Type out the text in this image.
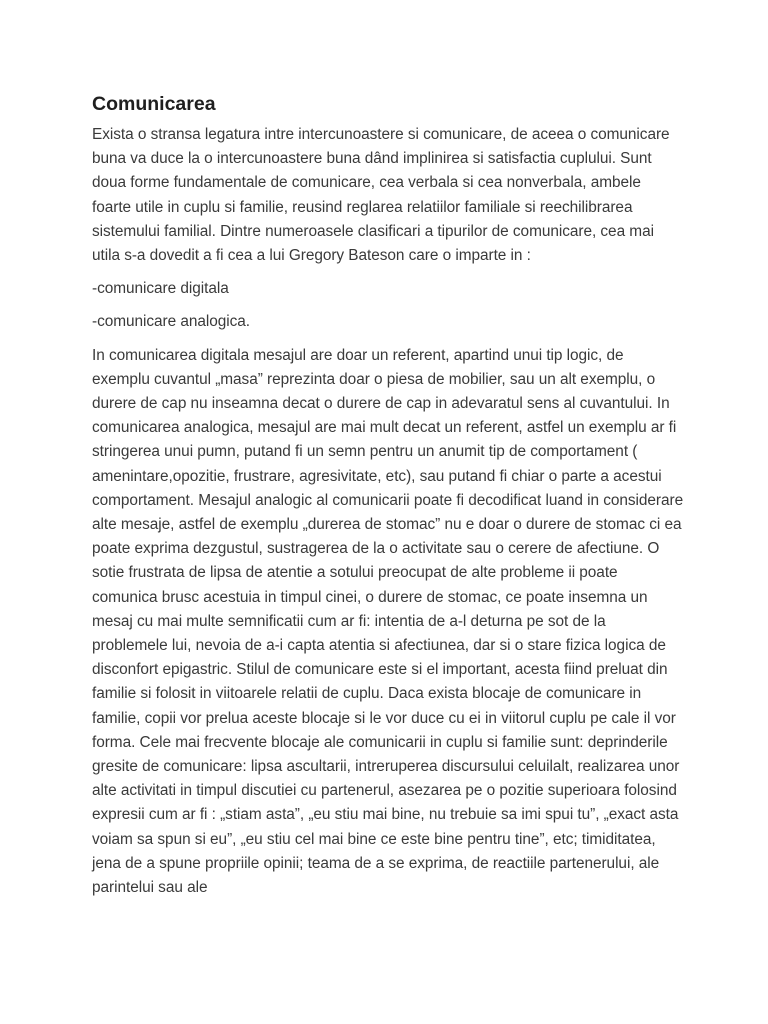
Comunicarea

Exista o stransa legatura intre intercunoastere si comunicare, de aceea o comunicare buna va duce la o intercunoastere buna dând implinirea si satisfactia cuplului. Sunt doua forme fundamentale de comunicare, cea verbala si cea nonverbala, ambele foarte utile in cuplu si familie, reusind reglarea relatiilor familiale si reechilibrarea sistemului familial. Dintre numeroasele clasificari a tipurilor de comunicare, cea mai utila s-a dovedit a fi cea a lui Gregory Bateson care o imparte in :

-comunicare digitala

-comunicare analogica.

In comunicarea digitala mesajul are doar un referent, apartind unui tip logic, de exemplu cuvantul „masa” reprezinta doar o piesa de mobilier, sau un alt exemplu, o durere de cap nu inseamna decat o durere de cap in adevaratul sens al cuvantului. In comunicarea analogica, mesajul are mai mult decat un referent, astfel un exemplu ar fi stringerea unui pumn, putand fi un semn pentru un anumit tip de comportament ( amenintare,opozitie, frustrare, agresivitate, etc), sau putand fi chiar o parte a acestui comportament. Mesajul analogic al comunicarii poate fi decodificat luand in considerare alte mesaje, astfel de exemplu „durerea de stomac” nu e doar o durere de stomac ci ea poate exprima dezgustul, sustragerea de la o activitate sau o cerere de afectiune. O sotie frustrata de lipsa de atentie a sotului preocupat de alte probleme ii poate comunica brusc acestuia in timpul cinei, o durere de stomac, ce poate insemna un mesaj cu mai multe semnificatii cum ar fi: intentia de a-l deturna pe sot de la problemele lui, nevoia de a-i capta atentia si afectiunea, dar si o stare fizica logica de disconfort epigastric. Stilul de comunicare este si el important, acesta fiind preluat din familie si folosit in viitoarele relatii de cuplu. Daca exista blocaje de comunicare in familie, copii vor prelua aceste blocaje si le vor duce cu ei in viitorul cuplu pe cale il vor forma. Cele mai frecvente blocaje ale comunicarii in cuplu si familie sunt: deprinderile gresite de comunicare: lipsa ascultarii, intreruperea discursului celuilalt, realizarea unor alte activitati in timpul discutiei cu partenerul, asezarea pe o pozitie superioara folosind expresii cum ar fi : „stiam asta”, „eu stiu mai bine, nu trebuie sa imi spui tu”, „exact asta voiam sa spun si eu”, „eu stiu cel mai bine ce este bine pentru tine”, etc; timiditatea, jena de a spune propriile opinii; teama de a se exprima, de reactiile partenerului, ale parintelui sau ale
